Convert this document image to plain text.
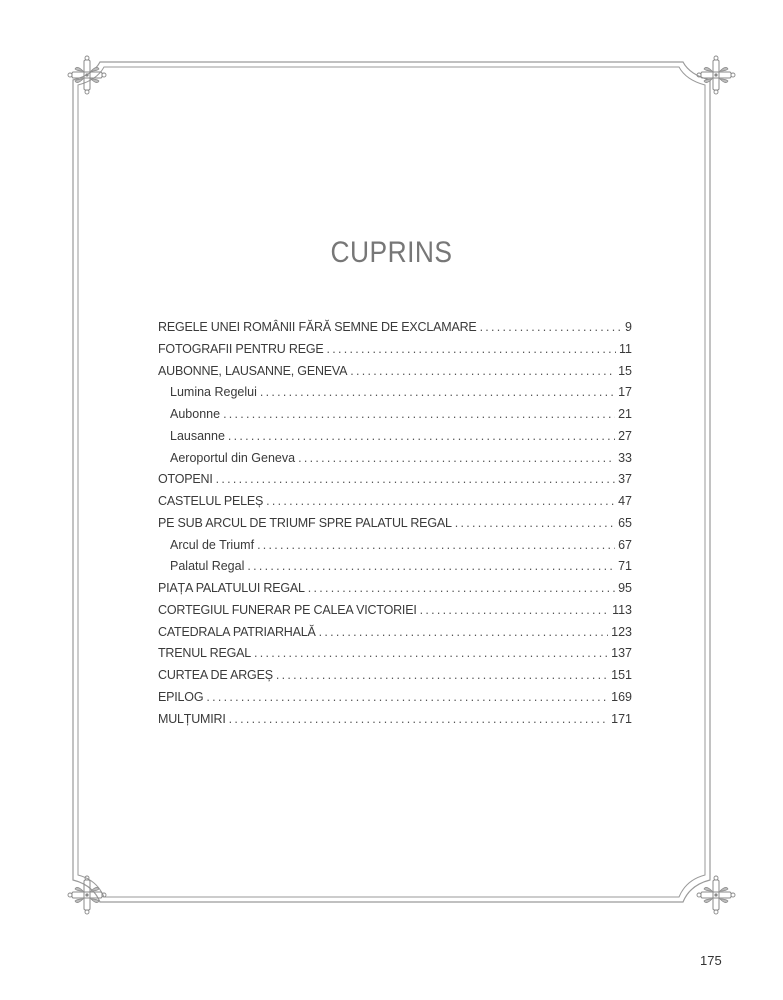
CUPRINS
REGELE UNEI ROMÂNII FĂRĂ SEMNE DE EXCLAMARE . . .	9
FOTOGRAFII PENTRU REGE . . .	11
AUBONNE, LAUSANNE, GENEVA . . .	15
Lumina Regelui . . .	17
Aubonne . . .	21
Lausanne . . .	27
Aeroportul din Geneva . . .	33
OTOPENI . . .	37
CASTELUL PELEȘ . . .	47
PE SUB ARCUL DE TRIUMF SPRE PALATUL REGAL . . .	65
Arcul de Triumf . . .	67
Palatul Regal . . .	71
PIAȚA PALATULUI REGAL . . .	95
CORTEGIUL FUNERAR PE CALEA VICTORIEI . . .	113
CATEDRALA PATRIARHALĂ . . .	123
TRENUL REGAL . . .	137
CURTEA DE ARGEȘ . . .	151
EPILOG . . .	169
MULȚUMIRI . . .	171
175
